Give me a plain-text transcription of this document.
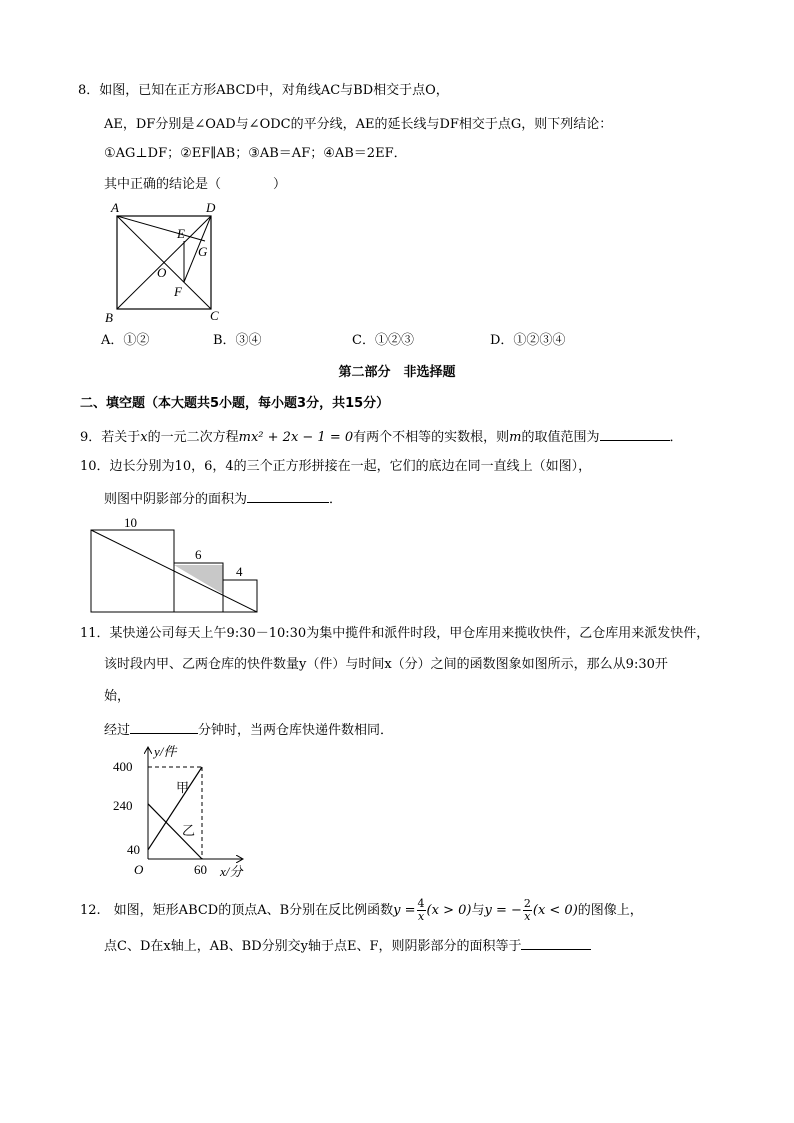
8．如图，已知在正方形ABCD中，对角线AC与BD相交于点O，
AE，DF分别是∠OAD与∠ODC的平分线，AE的延长线与DF相交于点G，则下列结论：
①AG⊥DF；②EF∥AB；③AB＝AF；④AB＝2EF．
其中正确的结论是（　　　　）
A	D
E
G
O
F
B	C
A．①②	B．③④	C．①②③	D．①②③④
第二部分　非选择题
二、填空题（本大题共5小题，每小题3分，共15分）
9．若关于x的一元二次方程mx² + 2x − 1 = 0有两个不相等的实数根，则m的取值范围为	．
10．边长分别为10，6，4的三个正方形拼接在一起，它们的底边在同一直线上（如图），
则图中阴影部分的面积为	．
10
6
4
11．某快递公司每天上午9:30－10:30为集中揽件和派件时段，甲仓库用来揽收快件，乙仓库用来派发快件，
该时段内甲、乙两仓库的快件数量y（件）与时间x（分）之间的函数图象如图所示，那么从9:30开
始，
经过	分钟时，当两仓库快递件数相同．
400
240
40
O	60
y/件
x/分
甲
乙
12.　如图，矩形ABCD的顶点A、B分别在反比例函数$y = \frac{4}{x} (x > 0)$与y = − $\frac{2}{x} (x < 0)$的图像上，
点C、D在x轴上，AB、BD分别交y轴于点E、F，则阴影部分的面积等于
